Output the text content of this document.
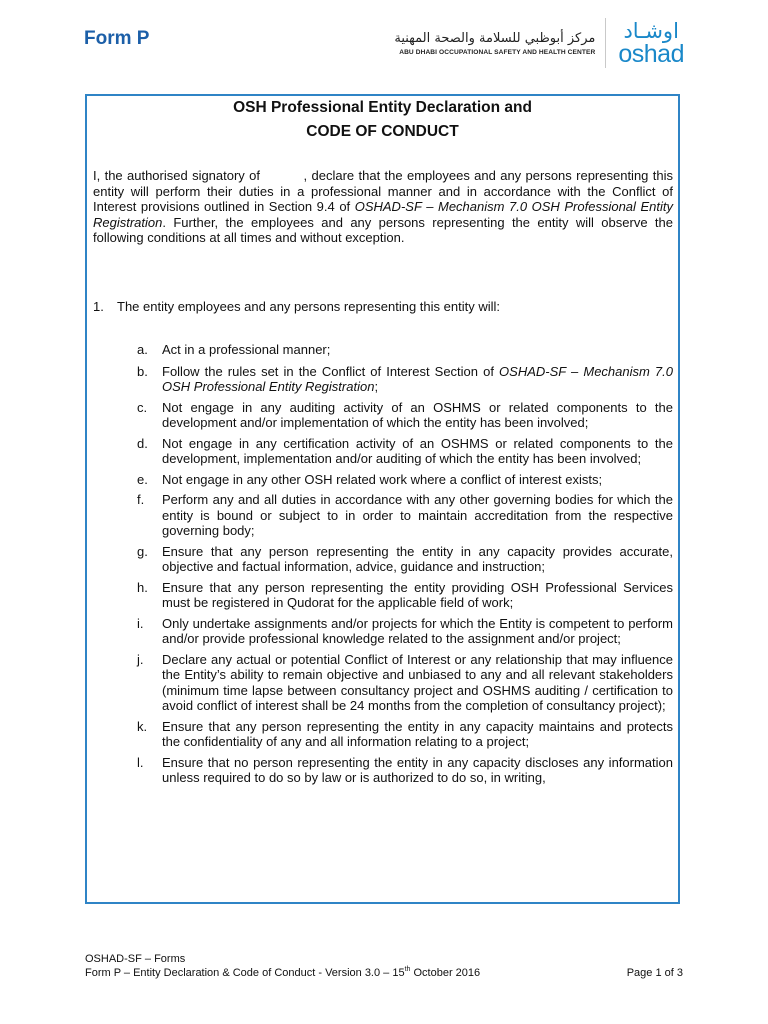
Form P	مركز أبوظبي للسلامة والصحة المهنية
ABU DHABI OCCUPATIONAL SAFETY AND HEALTH CENTER
اوشـاد
oshad
OSH Professional Entity Declaration and
CODE OF CONDUCT
I, the authorised signatory of	, declare that the employees and any persons representing this entity will perform their duties in a professional manner and in accordance with the Conflict of Interest provisions outlined in Section 9.4 of OSHAD-SF – Mechanism 7.0 OSH Professional Entity Registration. Further, the employees and any persons representing the entity will observe the following conditions at all times and without exception.
1. The entity employees and any persons representing this entity will:
a.	Act in a professional manner;
b.	Follow the rules set in the Conflict of Interest Section of OSHAD-SF – Mechanism 7.0 OSH Professional Entity Registration;
c.	Not engage in any auditing activity of an OSHMS or related components to the development and/or implementation of which the entity has been involved;
d.	Not engage in any certification activity of an OSHMS or related components to the development, implementation and/or auditing of which the entity has been involved;
e.	Not engage in any other OSH related work where a conflict of interest exists;
f.	Perform any and all duties in accordance with any other governing bodies for which the entity is bound or subject to in order to maintain accreditation from the respective governing body;
g.	Ensure that any person representing the entity in any capacity provides accurate, objective and factual information, advice, guidance and instruction;
h.	Ensure that any person representing the entity providing OSH Professional Services must be registered in Qudorat for the applicable field of work;
i.	Only undertake assignments and/or projects for which the Entity is competent to perform and/or provide professional knowledge related to the assignment and/or project;
j.	Declare any actual or potential Conflict of Interest or any relationship that may influence the Entity’s ability to remain objective and unbiased to any and all relevant stakeholders (minimum time lapse between consultancy project and OSHMS auditing / certification to avoid conflict of interest shall be 24 months from the completion of consultancy project);
k.	Ensure that any person representing the entity in any capacity maintains and protects the confidentiality of any and all information relating to a project;
l.	Ensure that no person representing the entity in any capacity discloses any information unless required to do so by law or is authorized to do so, in writing,
OSHAD-SF – Forms
Form P – Entity Declaration & Code of Conduct - Version 3.0 – 15th October 2016	Page 1 of 3
